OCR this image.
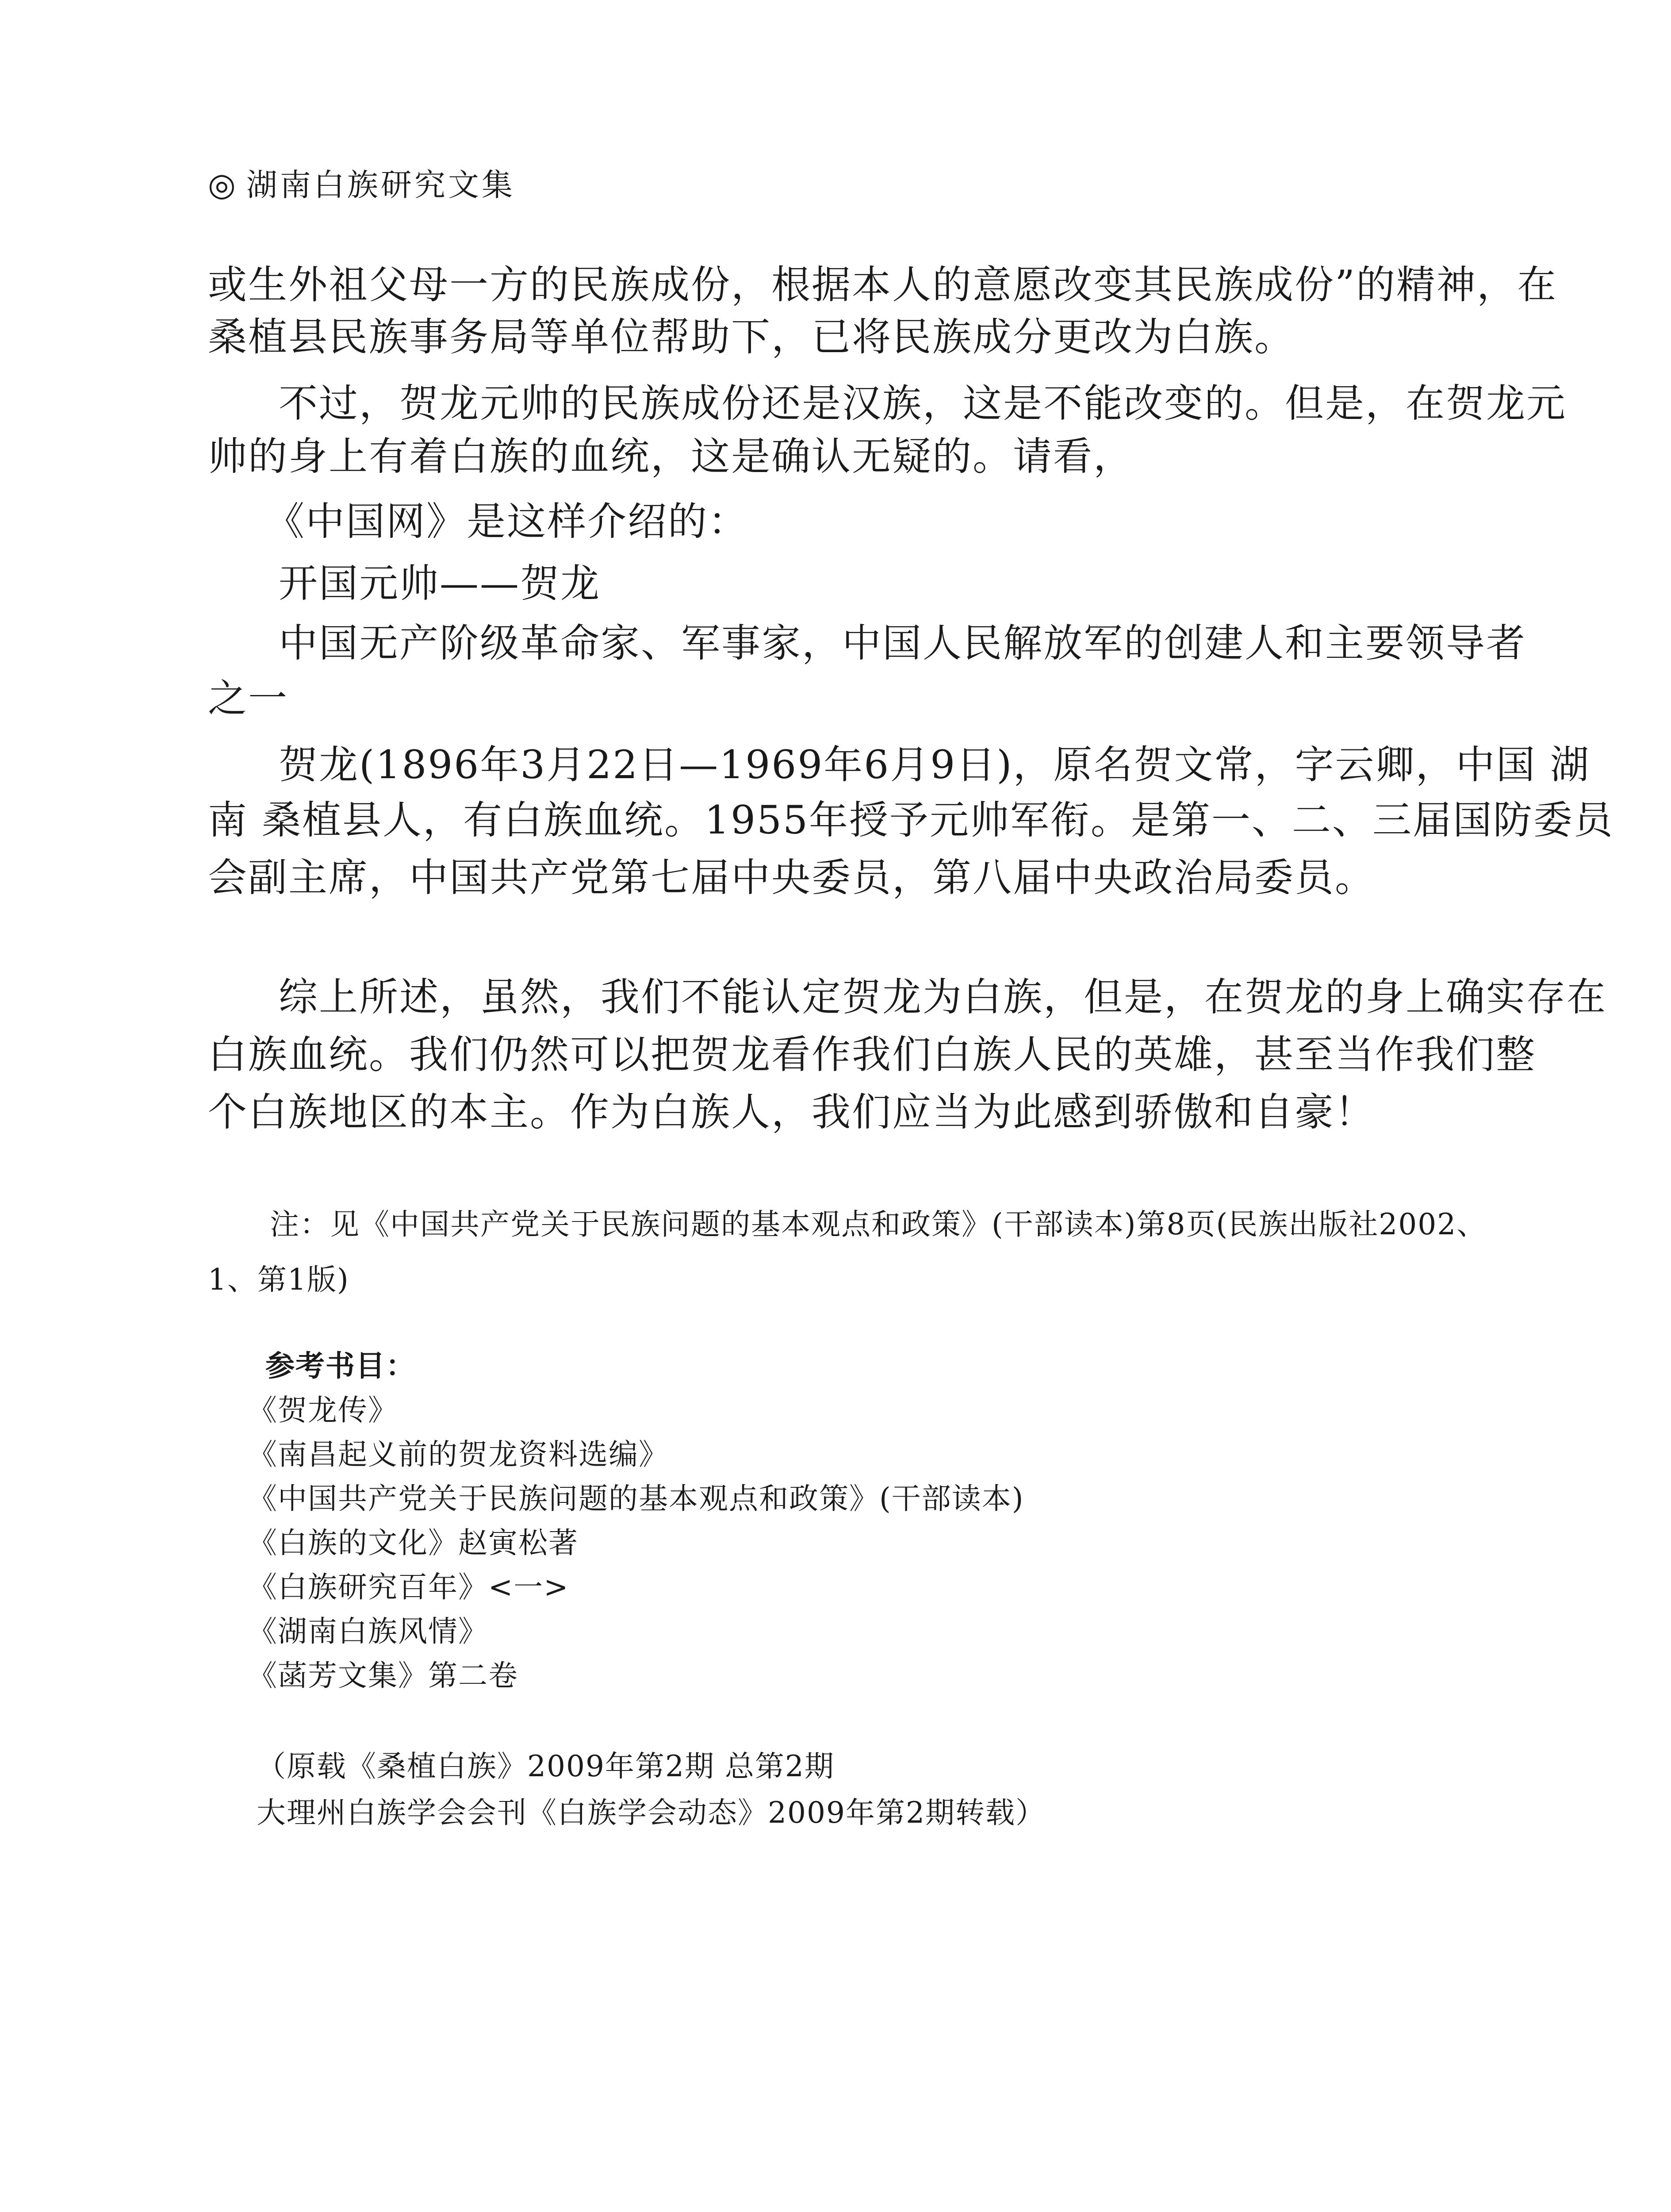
◎ 湖南白族研究文集

或生外祖父母一方的民族成份，根据本人的意愿改变其民族成份”的精神，在

桑植县民族事务局等单位帮助下，已将民族成分更改为白族。

不过，贺龙元帅的民族成份还是汉族，这是不能改变的。但是，在贺龙元

帅的身上有着白族的血统，这是确认无疑的。请看，

《中国网》是这样介绍的：

开国元帅——贺龙

中国无产阶级革命家、军事家，中国人民解放军的创建人和主要领导者

之一

贺龙(1896年3月22日—1969年6月9日)，原名贺文常，字云卿，中国 湖

南 桑植县人，有白族血统。1955年授予元帅军衔。是第一、二、三届国防委员

会副主席，中国共产党第七届中央委员，第八届中央政治局委员。

综上所述，虽然，我们不能认定贺龙为白族，但是，在贺龙的身上确实存在

白族血统。我们仍然可以把贺龙看作我们白族人民的英雄，甚至当作我们整

个白族地区的本主。作为白族人，我们应当为此感到骄傲和自豪！

注：见《中国共产党关于民族问题的基本观点和政策》(干部读本)第8页(民族出版社2002、

1、第1版)

参考书目：

《贺龙传》

《南昌起义前的贺龙资料选编》

《中国共产党关于民族问题的基本观点和政策》(干部读本)

《白族的文化》赵寅松著

《白族研究百年》<一>

《湖南白族风情》

《菡芳文集》第二卷

（原载《桑植白族》2009年第2期 总第2期

大理州白族学会会刊《白族学会动态》2009年第2期转载）
